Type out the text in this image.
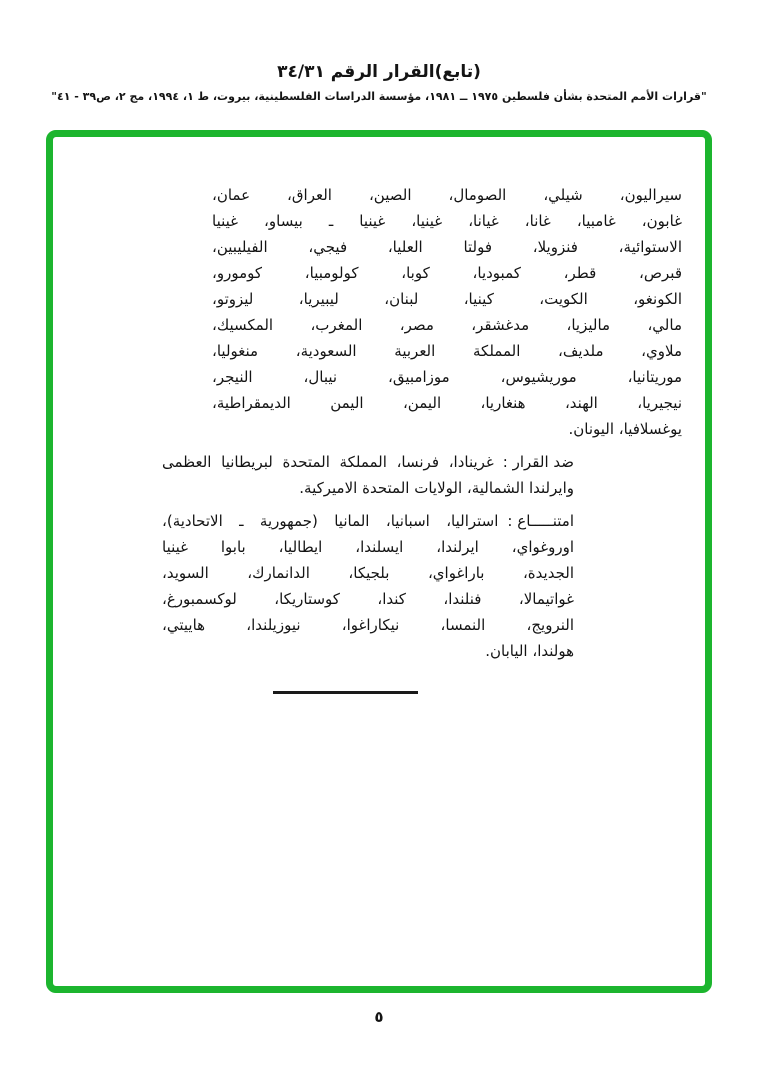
(تابع)القرار الرقم ٣٤/٣١
"قرارات الأمم المتحدة بشأن فلسطين ١٩٧٥ ــ ١٩٨١، مؤسسة الدراسات الفلسطينية، بيروت، ط ١، ١٩٩٤، مج ٢، ص٣٩ - ٤١"
سيراليون، شيلي، الصومال، الصين، العراق، عمان،
غابون، غامبيا، غانا، غيانا، غينيا، غينيا ـ بيساو، غينيا
الاستوائية، فنزويلا، فولتا العليا، فيجي، الفيليبين،
قبرص، قطر، كمبوديا، كوبا، كولومبيا، كومورو،
الكونغو، الكويت، كينيا، لبنان، ليبيريا، ليزوتو،
مالي، ماليزيا، مدغشقر، مصر، المغرب، المكسيك،
ملاوي، ملديف، المملكة العربية السعودية، منغوليا،
موريتانيا، موريشيوس، موزامبيق، نيبال، النيجر،
نيجيريا، الهند، هنغاريا، اليمن، اليمن الديمقراطية،
يوغسلافيا، اليونان.
ضد القرار :
غرينادا، فرنسا، المملكة المتحدة لبريطانيا العظمى
وايرلندا الشمالية، الولايات المتحدة الاميركية.
امتنـــــاع :
استراليا، اسبانيا، المانيا (جمهورية ـ الاتحادية)،
اوروغواي، ايرلندا، ايسلندا، ايطاليا، بابوا غينيا
الجديدة، باراغواي، بلجيكا، الدانمارك، السويد،
غواتيمالا، فنلندا، كندا، كوستاريكا، لوكسمبورغ،
النرويج، النمسا، نيكاراغوا، نيوزيلندا، هاييتي،
هولندا، اليابان.
٥
